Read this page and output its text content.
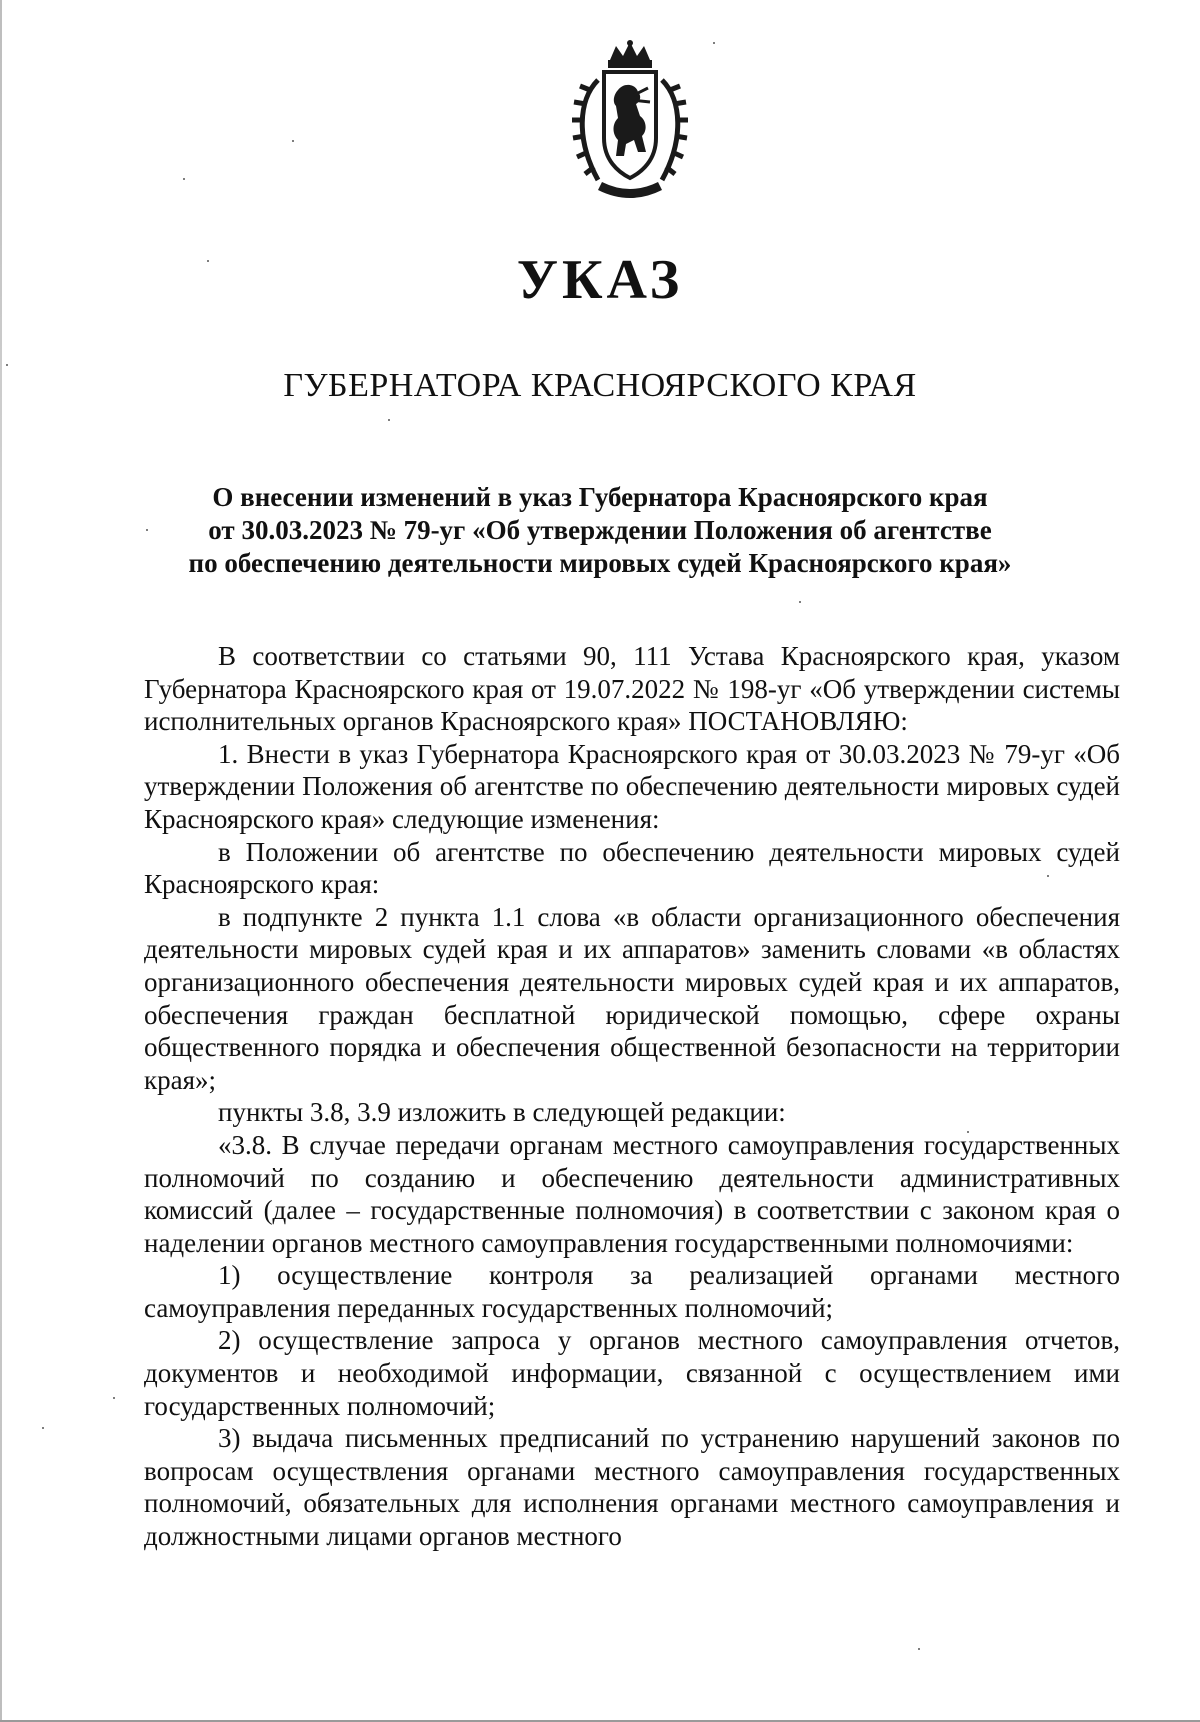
УКАЗ
ГУБЕРНАТОРА КРАСНОЯРСКОГО КРАЯ
О внесении изменений в указ Губернатора Красноярского края
от 30.03.2023 № 79-уг «Об утверждении Положения об агентстве
по обеспечению деятельности мировых судей Красноярского края»

В соответствии со статьями 90, 111 Устава Красноярского края, указом Губернатора Красноярского края от 19.07.2022 № 198-уг «Об утверждении системы исполнительных органов Красноярского края» ПОСТАНОВЛЯЮ:

1. Внести в указ Губернатора Красноярского края от 30.03.2023 № 79-уг «Об утверждении Положения об агентстве по обеспечению деятельности мировых судей Красноярского края» следующие изменения:

в Положении об агентстве по обеспечению деятельности мировых судей Красноярского края:

в подпункте 2 пункта 1.1 слова «в области организационного обеспечения деятельности мировых судей края и их аппаратов» заменить словами «в областях организационного обеспечения деятельности мировых судей края и их аппаратов, обеспечения граждан бесплатной юридической помощью, сфере охраны общественного порядка и обеспечения общественной безопасности на территории края»;

пункты 3.8, 3.9 изложить в следующей редакции:

«3.8. В случае передачи органам местного самоуправления государственных полномочий по созданию и обеспечению деятельности административных комиссий (далее – государственные полномочия) в соответствии с законом края о наделении органов местного самоуправления государственными полномочиями:

1) осуществление контроля за реализацией органами местного самоуправления переданных государственных полномочий;

2) осуществление запроса у органов местного самоуправления отчетов, документов и необходимой информации, связанной с осуществлением ими государственных полномочий;

3) выдача письменных предписаний по устранению нарушений законов по вопросам осуществления органами местного самоуправления государственных полномочий, обязательных для исполнения органами местного самоуправления и должностными лицами органов местного
